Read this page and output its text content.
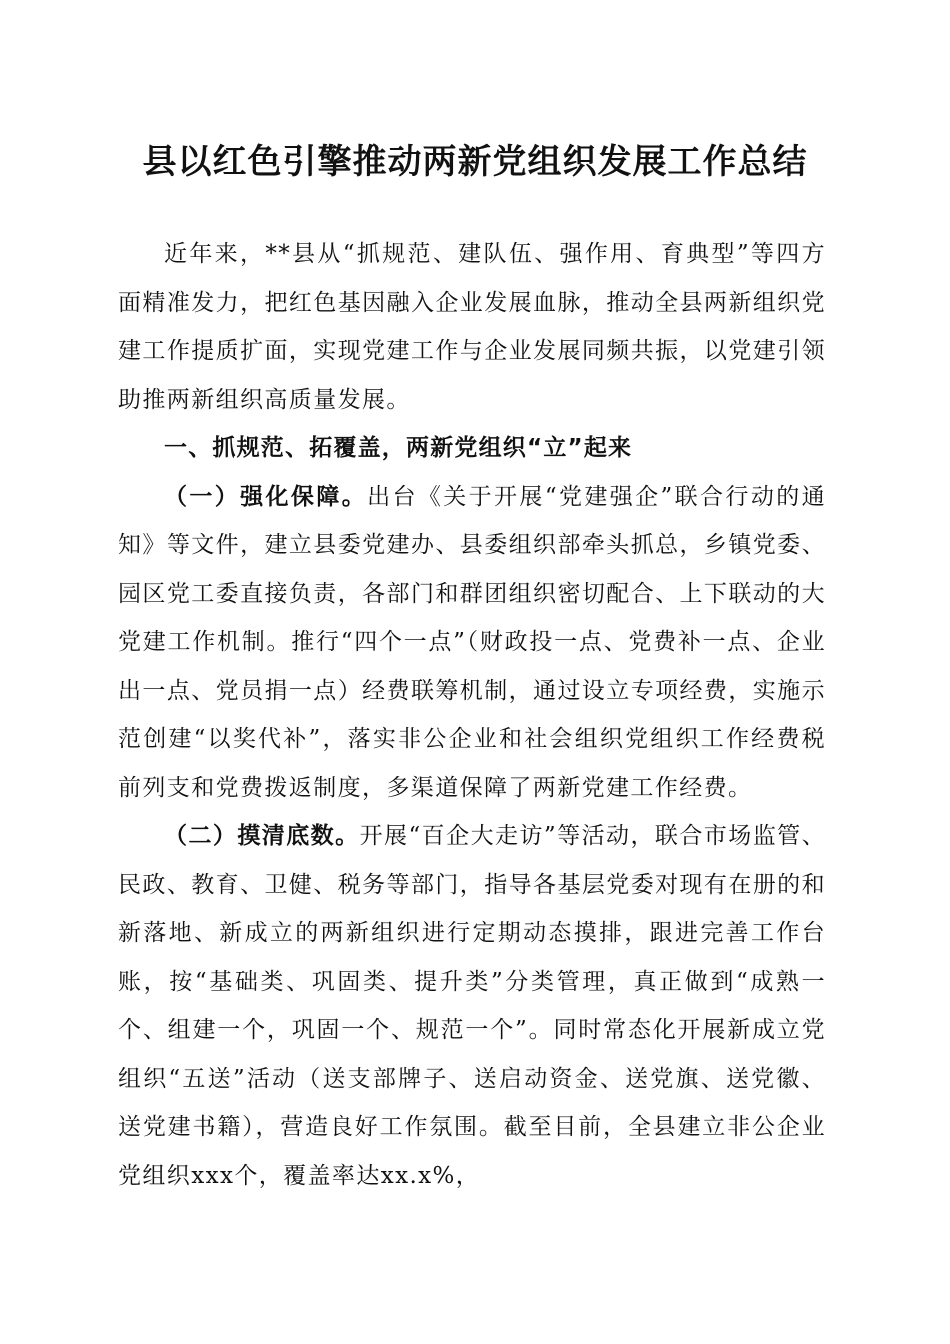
县以红色引擎推动两新党组织发展工作总结

近年来，**县从“抓规范、建队伍、强作用、育典型”等四方面精准发力，把红色基因融入企业发展血脉，推动全县两新组织党建工作提质扩面，实现党建工作与企业发展同频共振，以党建引领助推两新组织高质量发展。

一、抓规范、拓覆盖，两新党组织“立”起来

（一）强化保障。出台《关于开展“党建强企”联合行动的通知》等文件，建立县委党建办、县委组织部牵头抓总，乡镇党委、园区党工委直接负责，各部门和群团组织密切配合、上下联动的大党建工作机制。推行“四个一点”（财政投一点、党费补一点、企业出一点、党员捐一点）经费联筹机制，通过设立专项经费，实施示范创建“以奖代补”，落实非公企业和社会组织党组织工作经费税前列支和党费拨返制度，多渠道保障了两新党建工作经费。

（二）摸清底数。开展“百企大走访”等活动，联合市场监管、民政、教育、卫健、税务等部门，指导各基层党委对现有在册的和新落地、新成立的两新组织进行定期动态摸排，跟进完善工作台账，按“基础类、巩固类、提升类”分类管理，真正做到“成熟一个、组建一个，巩固一个、规范一个”。同时常态化开展新成立党组织“五送”活动（送支部牌子、送启动资金、送党旗、送党徽、送党建书籍），营造良好工作氛围。截至目前，全县建立非公企业党组织xxx个，覆盖率达xx.x%，
